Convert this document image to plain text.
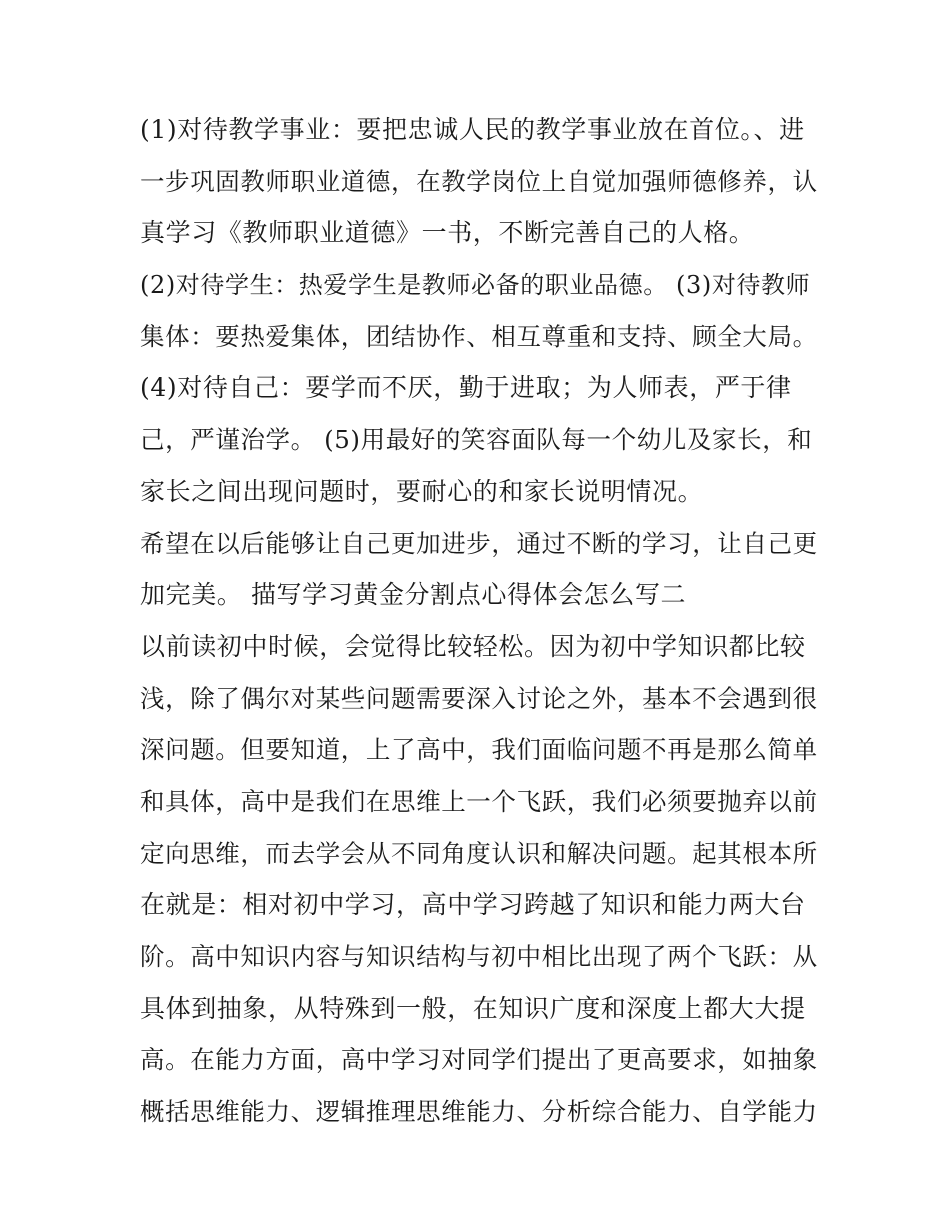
(1)对待教学事业：要把忠诚人民的教学事业放在首位。、进
一步巩固教师职业道德，在教学岗位上自觉加强师德修养，认
真学习《教师职业道德》一书，不断完善自己的人格。
(2)对待学生：热爱学生是教师必备的职业品德。 (3)对待教师
集体：要热爱集体，团结协作、相互尊重和支持、顾全大局。
(4)对待自己：要学而不厌，勤于进取；为人师表，严于律
己，严谨治学。 (5)用最好的笑容面队每一个幼儿及家长，和
家长之间出现问题时，要耐心的和家长说明情况。
希望在以后能够让自己更加进步，通过不断的学习，让自己更
加完美。 描写学习黄金分割点心得体会怎么写二
以前读初中时候，会觉得比较轻松。因为初中学知识都比较
浅，除了偶尔对某些问题需要深入讨论之外，基本不会遇到很
深问题。但要知道，上了高中，我们面临问题不再是那么简单
和具体，高中是我们在思维上一个飞跃，我们必须要抛弃以前
定向思维，而去学会从不同角度认识和解决问题。起其根本所
在就是：相对初中学习，高中学习跨越了知识和能力两大台
阶。高中知识内容与知识结构与初中相比出现了两个飞跃：从
具体到抽象，从特殊到一般，在知识广度和深度上都大大提
高。在能力方面，高中学习对同学们提出了更高要求，如抽象
概括思维能力、逻辑推理思维能力、分析综合能力、自学能力
